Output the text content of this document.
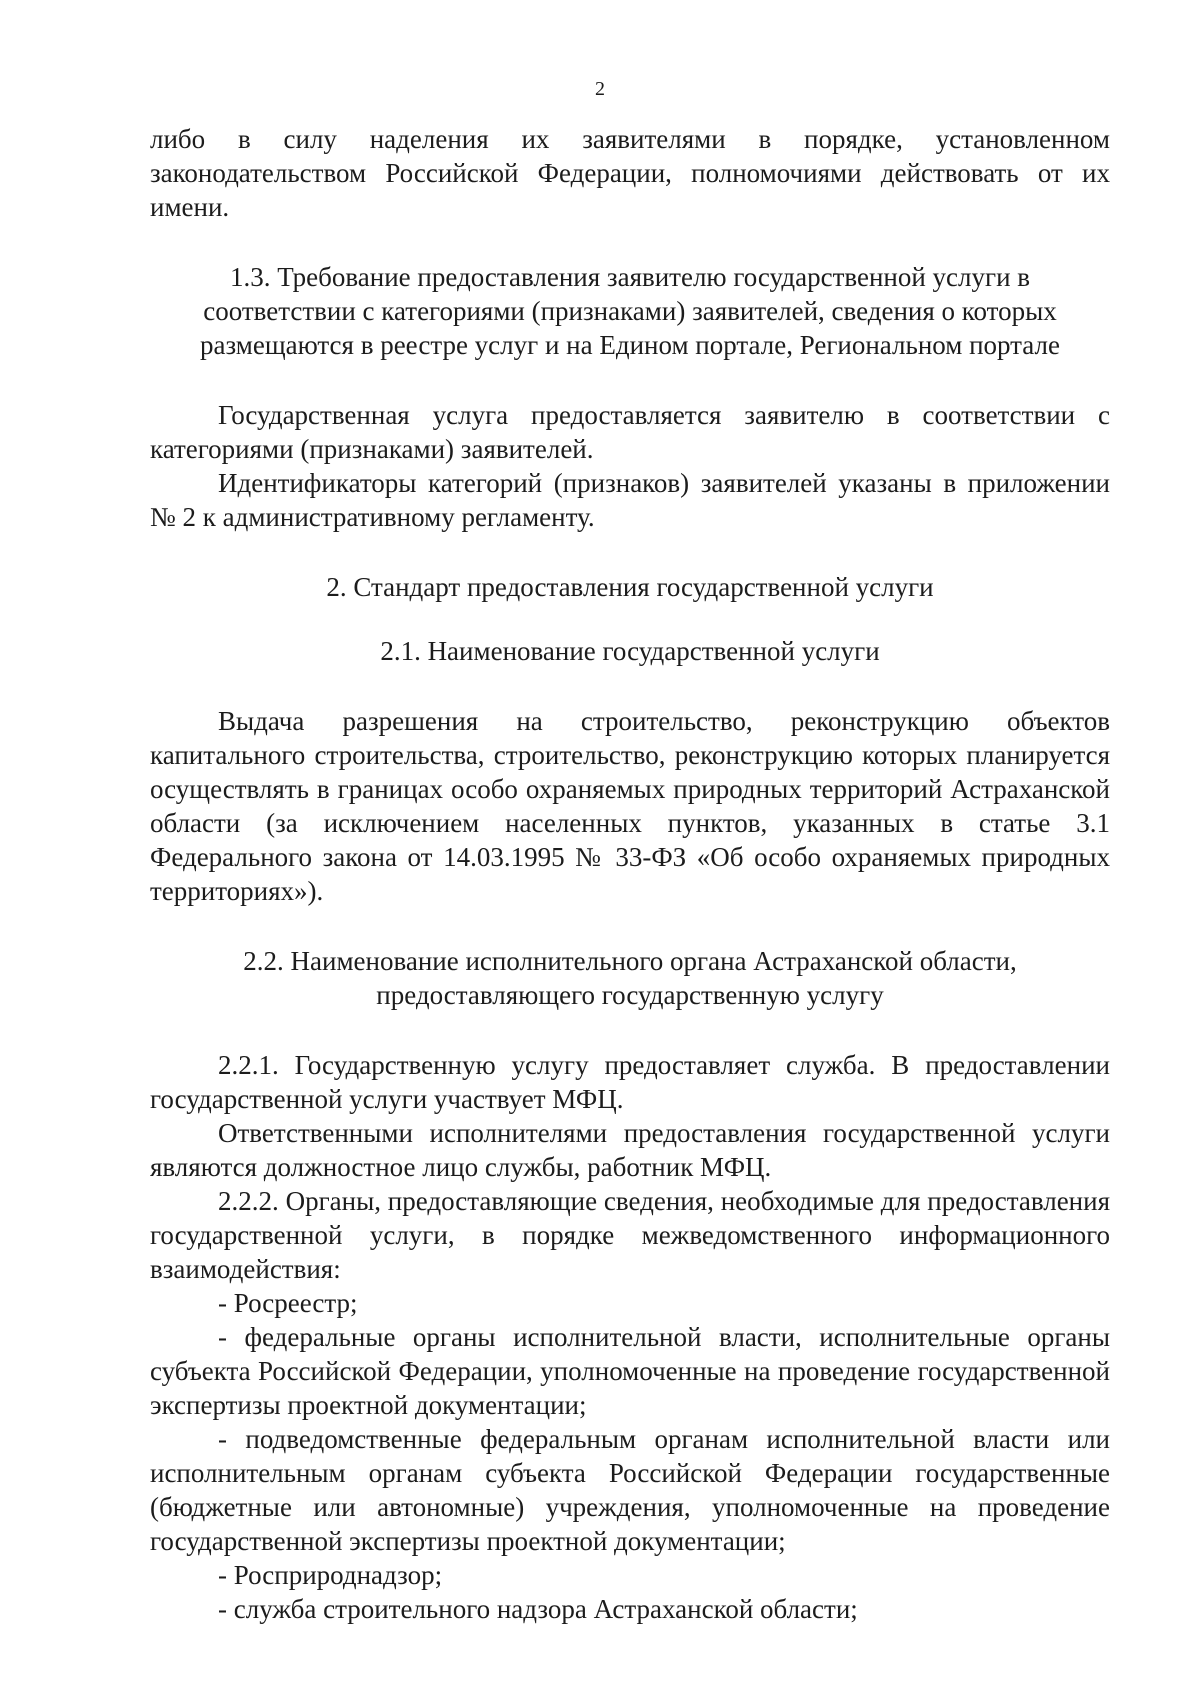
2

либо в силу наделения их заявителями в порядке, установленном законодательством Российской Федерации, полномочиями действовать от их имени.

1.3. Требование предоставления заявителю государственной услуги в соответствии с категориями (признаками) заявителей, сведения о которых размещаются в реестре услуг и на Едином портале, Региональном портале

Государственная услуга предоставляется заявителю в соответствии с категориями (признаками) заявителей.

Идентификаторы категорий (признаков) заявителей указаны в приложении № 2 к административному регламенту.

2. Стандарт предоставления государственной услуги

2.1. Наименование государственной услуги

Выдача разрешения на строительство, реконструкцию объектов капитального строительства, строительство, реконструкцию которых планируется осуществлять в границах особо охраняемых природных территорий Астраханской области (за исключением населенных пунктов, указанных в статье 3.1 Федерального закона от 14.03.1995 № 33-ФЗ «Об особо охраняемых природных территориях»).

2.2. Наименование исполнительного органа Астраханской области, предоставляющего государственную услугу

2.2.1. Государственную услугу предоставляет служба. В предоставлении государственной услуги участвует МФЦ.

Ответственными исполнителями предоставления государственной услуги являются должностное лицо службы, работник МФЦ.

2.2.2. Органы, предоставляющие сведения, необходимые для предоставления государственной услуги, в порядке межведомственного информационного взаимодействия:

- Росреестр;

- федеральные органы исполнительной власти, исполнительные органы субъекта Российской Федерации, уполномоченные на проведение государственной экспертизы проектной документации;

- подведомственные федеральным органам исполнительной власти или исполнительным органам субъекта Российской Федерации государственные (бюджетные или автономные) учреждения, уполномоченные на проведение государственной экспертизы проектной документации;

- Росприроднадзор;

- служба строительного надзора Астраханской области;
